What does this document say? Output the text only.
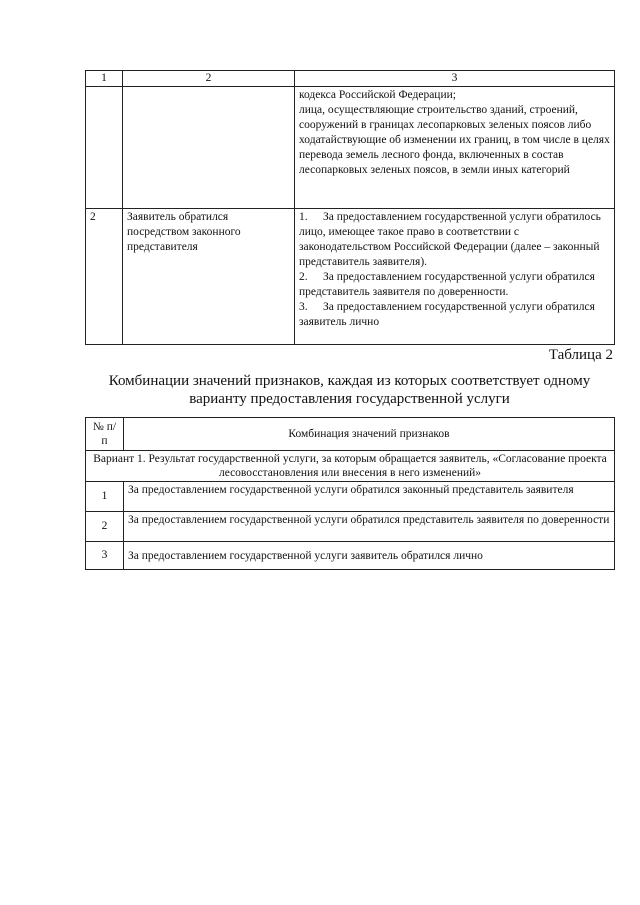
1	2	3

		кодекса Российской Федерации;
лица, осуществляющие строительство зданий, строений, сооружений в границах лесопарковых зеленых поясов либо ходатайствующие об изменении их границ, в том числе в целях перевода земель лесного фонда, включенных в состав лесопарковых зеленых поясов, в земли иных категорий

2	Заявитель обратился посредством законного представителя	1. За предоставлением государственной услуги обратилось лицо, имеющее такое право в соответствии с законодательством Российской Федерации (далее – законный представитель заявителя).
2. За предоставлением государственной услуги обратился представитель заявителя по доверенности.
3. За предоставлением государственной услуги обратился заявитель лично
Таблица 2
Комбинации значений признаков, каждая из которых соответствует одному варианту предоставления государственной услуги
№ п/п	Комбинация значений признаков
Вариант 1. Результат государственной услуги, за которым обращается заявитель, «Согласование проекта лесовосстановления или внесения в него изменений»	
1	За предоставлением государственной услуги обратился законный представитель заявителя
2	За предоставлением государственной услуги обратился представитель заявителя по доверенности
3	За предоставлением государственной услуги заявитель обратился лично
